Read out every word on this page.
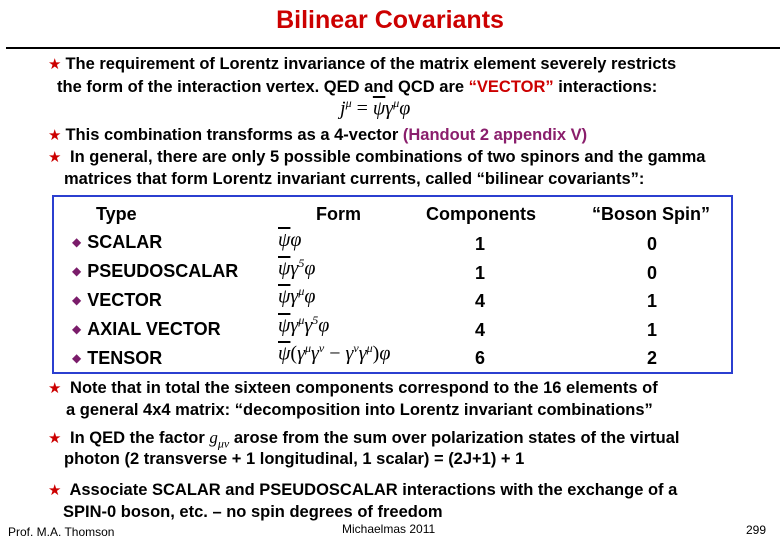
Bilinear Covariants
★ The requirement of Lorentz invariance of the matrix element severely restricts
the form of the interaction vertex. QED and QCD are “VECTOR” interactions:
$j^\mu = \overline{\psi}\gamma^\mu\varphi$
★ This combination transforms as a 4-vector (Handout 2 appendix V)
★ In general, there are only 5 possible combinations of two spinors and the gamma
matrices that form Lorentz invariant currents, called “bilinear covariants”:
Type	Form	Components	“Boson Spin”
◆ SCALAR	$\overline{\psi}\varphi$	1	0
◆ PSEUDOSCALAR $\overline{\psi}\gamma^5\varphi$	1	0
◆ VECTOR	$\overline{\psi}\gamma^\mu\varphi$	4	1
◆ AXIAL VECTOR	$\overline{\psi}\gamma^\mu\gamma^5\varphi$	4	1
◆ TENSOR	$\overline{\psi}(\gamma^\mu\gamma^\nu - \gamma^\nu\gamma^\mu)\varphi$	6	2
★ Note that in total the sixteen components correspond to the 16 elements of
a general 4x4 matrix: “decomposition into Lorentz invariant combinations”
★ In QED the factor $g_{\mu\nu}$ arose from the sum over polarization states of the virtual
photon (2 transverse + 1 longitudinal, 1 scalar) = (2J+1) + 1
★ Associate SCALAR and PSEUDOSCALAR interactions with the exchange of a
SPIN-0 boson, etc. – no spin degrees of freedom
Prof. M.A. Thomson	Michaelmas 2011	299
